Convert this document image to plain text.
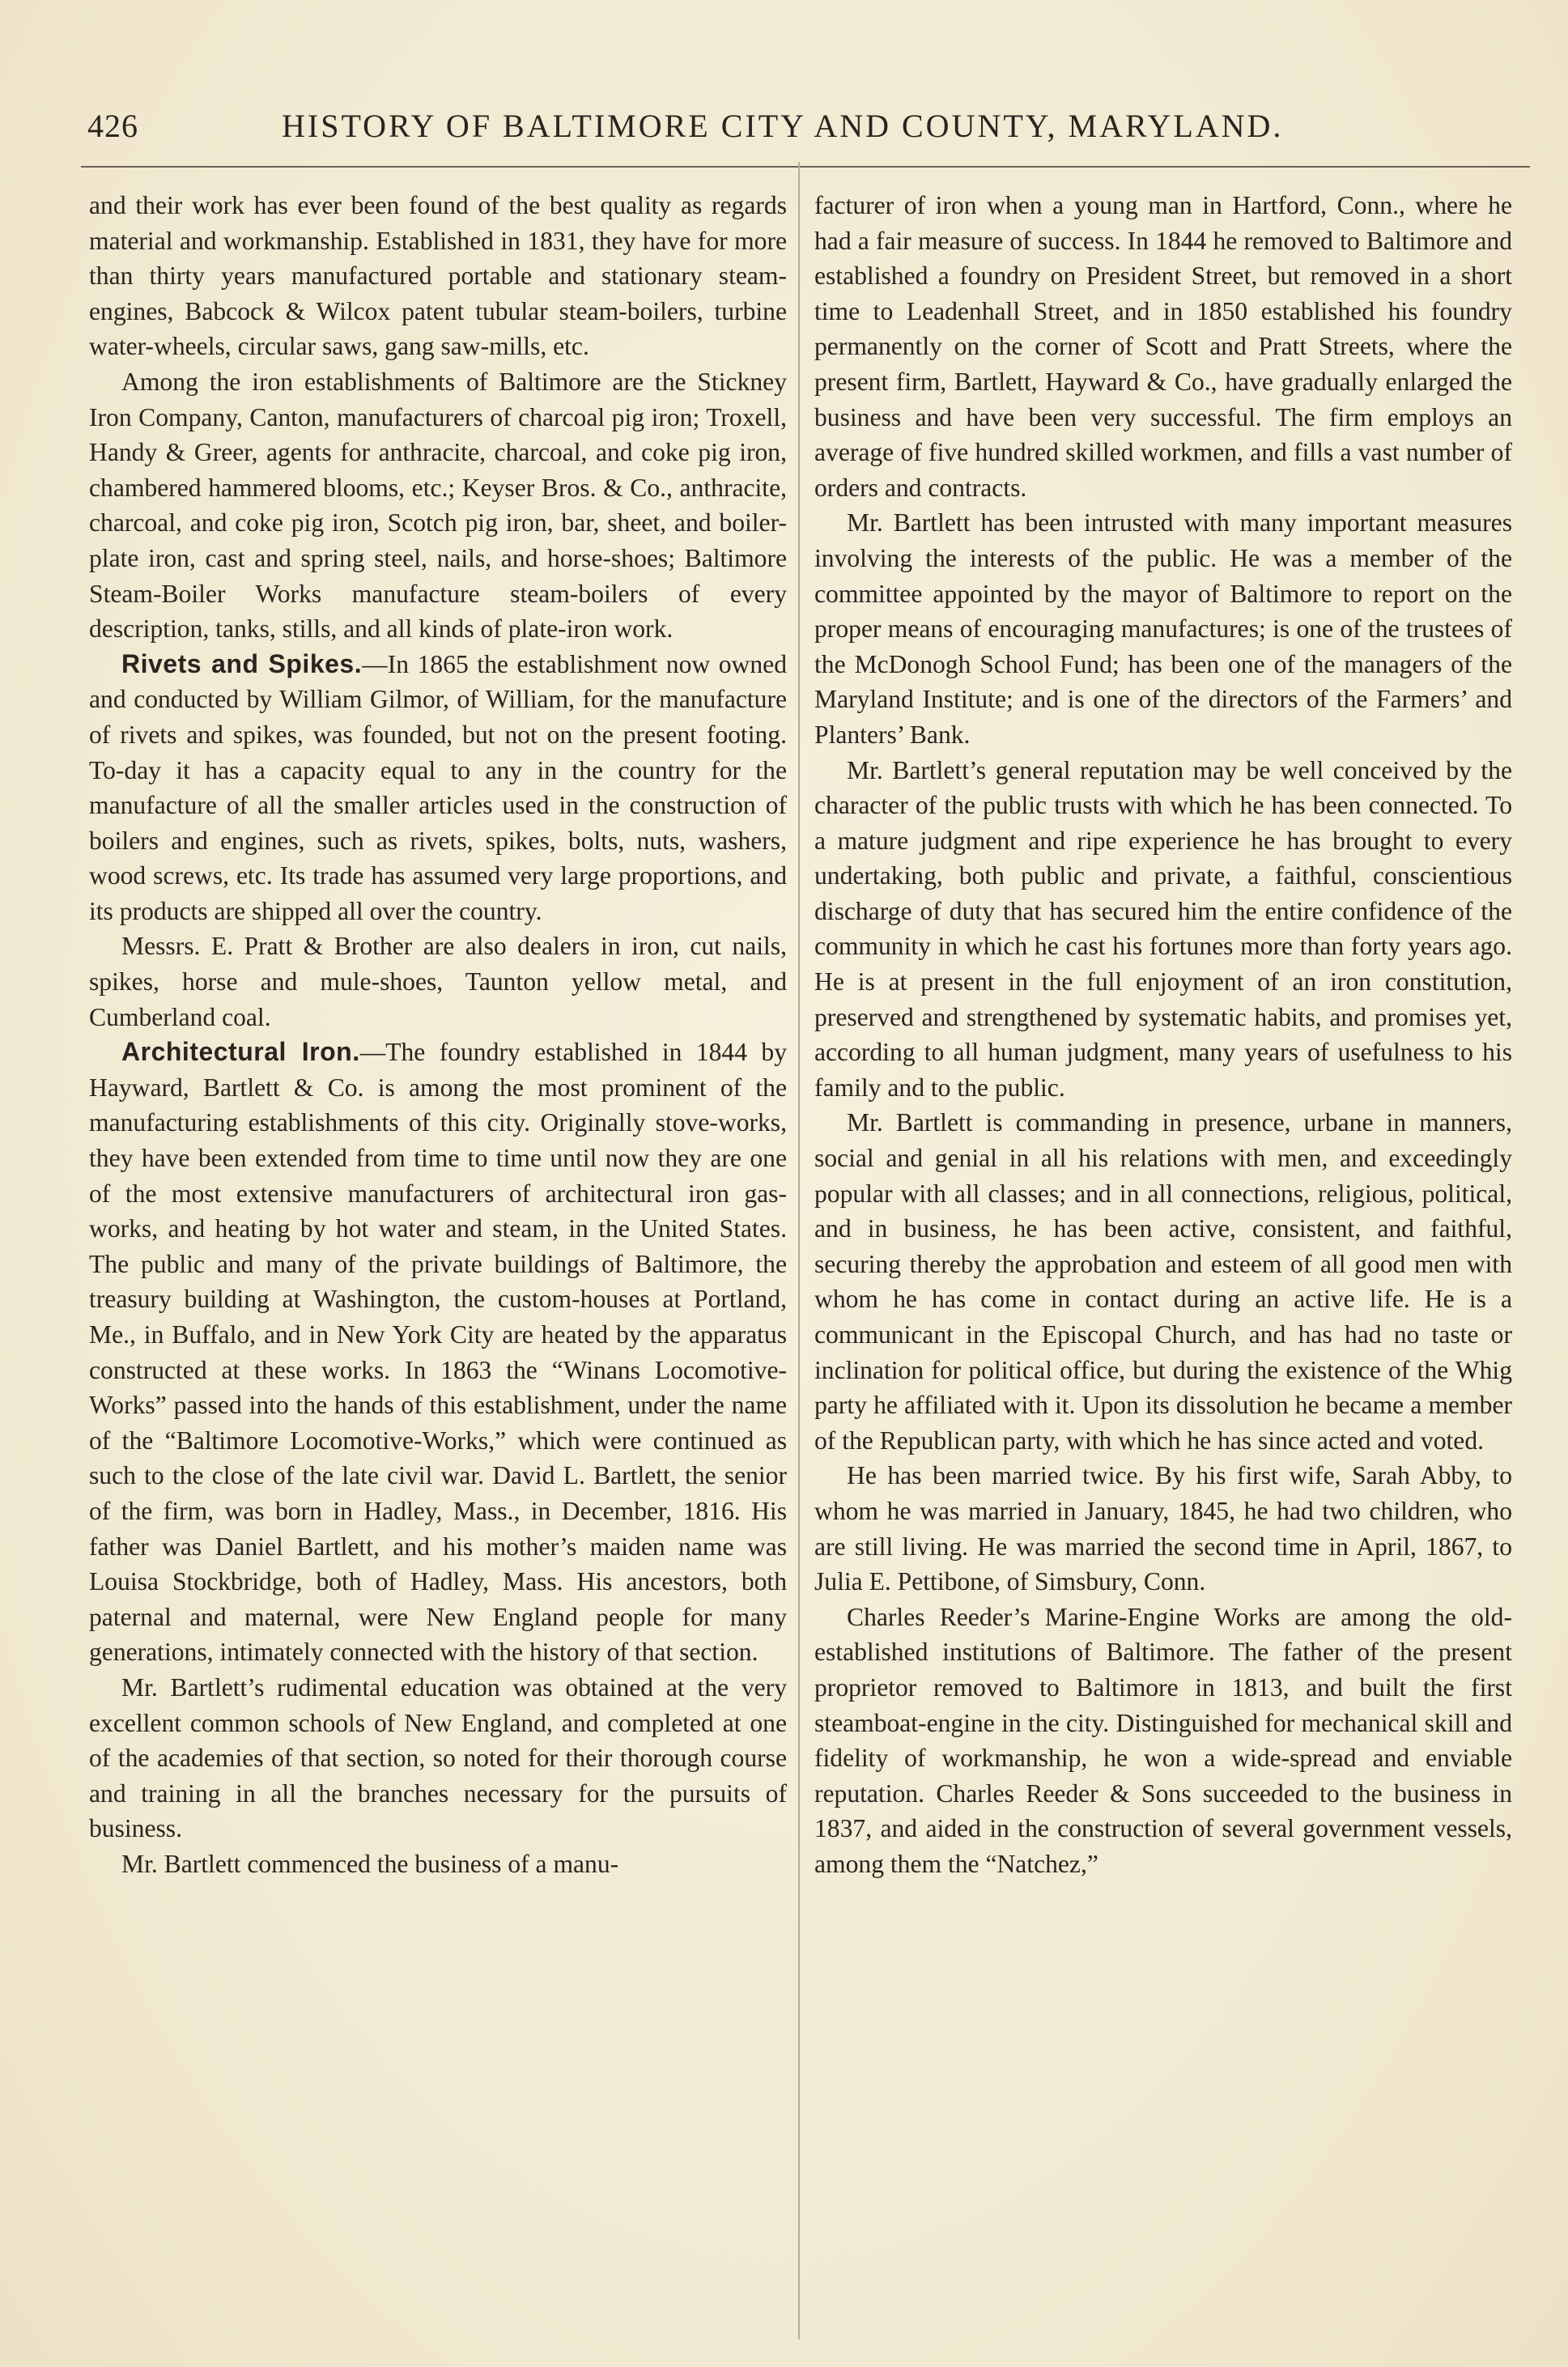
426	HISTORY OF BALTIMORE CITY AND COUNTY, MARYLAND.

and their work has ever been found of the best quality as regards material and workmanship. Established in 1831, they have for more than thirty years manufactured portable and stationary steam-engines, Babcock & Wilcox patent tubular steam-boilers, turbine water-wheels, circular saws, gang saw-mills, etc.

Among the iron establishments of Baltimore are the Stickney Iron Company, Canton, manufacturers of charcoal pig iron; Troxell, Handy & Greer, agents for anthracite, charcoal, and coke pig iron, chambered hammered blooms, etc.; Keyser Bros. & Co., anthracite, charcoal, and coke pig iron, Scotch pig iron, bar, sheet, and boiler-plate iron, cast and spring steel, nails, and horse-shoes; Baltimore Steam-Boiler Works manufacture steam-boilers of every description, tanks, stills, and all kinds of plate-iron work.

Rivets and Spikes.—In 1865 the establishment now owned and conducted by William Gilmor, of William, for the manufacture of rivets and spikes, was founded, but not on the present footing. To-day it has a capacity equal to any in the country for the manufacture of all the smaller articles used in the construction of boilers and engines, such as rivets, spikes, bolts, nuts, washers, wood screws, etc. Its trade has assumed very large proportions, and its products are shipped all over the country.

Messrs. E. Pratt & Brother are also dealers in iron, cut nails, spikes, horse and mule-shoes, Taunton yellow metal, and Cumberland coal.

Architectural Iron.—The foundry established in 1844 by Hayward, Bartlett & Co. is among the most prominent of the manufacturing establishments of this city. Originally stove-works, they have been extended from time to time until now they are one of the most extensive manufacturers of architectural iron gas-works, and heating by hot water and steam, in the United States. The public and many of the private buildings of Baltimore, the treasury building at Washington, the custom-houses at Portland, Me., in Buffalo, and in New York City are heated by the apparatus constructed at these works. In 1863 the “Winans Locomotive-Works” passed into the hands of this establishment, under the name of the “Baltimore Locomotive-Works,” which were continued as such to the close of the late civil war. David L. Bartlett, the senior of the firm, was born in Hadley, Mass., in December, 1816. His father was Daniel Bartlett, and his mother’s maiden name was Louisa Stockbridge, both of Hadley, Mass. His ancestors, both paternal and maternal, were New England people for many generations, intimately connected with the history of that section.

Mr. Bartlett’s rudimental education was obtained at the very excellent common schools of New England, and completed at one of the academies of that section, so noted for their thorough course and training in all the branches necessary for the pursuits of business.

Mr. Bartlett commenced the business of a manu-

facturer of iron when a young man in Hartford, Conn., where he had a fair measure of success. In 1844 he removed to Baltimore and established a foundry on President Street, but removed in a short time to Leadenhall Street, and in 1850 established his foundry permanently on the corner of Scott and Pratt Streets, where the present firm, Bartlett, Hayward & Co., have gradually enlarged the business and have been very successful. The firm employs an average of five hundred skilled workmen, and fills a vast number of orders and contracts.

Mr. Bartlett has been intrusted with many important measures involving the interests of the public. He was a member of the committee appointed by the mayor of Baltimore to report on the proper means of encouraging manufactures; is one of the trustees of the McDonogh School Fund; has been one of the managers of the Maryland Institute; and is one of the directors of the Farmers’ and Planters’ Bank.

Mr. Bartlett’s general reputation may be well conceived by the character of the public trusts with which he has been connected. To a mature judgment and ripe experience he has brought to every undertaking, both public and private, a faithful, conscientious discharge of duty that has secured him the entire confidence of the community in which he cast his fortunes more than forty years ago. He is at present in the full enjoyment of an iron constitution, preserved and strengthened by systematic habits, and promises yet, according to all human judgment, many years of usefulness to his family and to the public.

Mr. Bartlett is commanding in presence, urbane in manners, social and genial in all his relations with men, and exceedingly popular with all classes; and in all connections, religious, political, and in business, he has been active, consistent, and faithful, securing thereby the approbation and esteem of all good men with whom he has come in contact during an active life. He is a communicant in the Episcopal Church, and has had no taste or inclination for political office, but during the existence of the Whig party he affiliated with it. Upon its dissolution he became a member of the Republican party, with which he has since acted and voted.

He has been married twice. By his first wife, Sarah Abby, to whom he was married in January, 1845, he had two children, who are still living. He was married the second time in April, 1867, to Julia E. Pettibone, of Simsbury, Conn.

Charles Reeder’s Marine-Engine Works are among the old-established institutions of Baltimore. The father of the present proprietor removed to Baltimore in 1813, and built the first steamboat-engine in the city. Distinguished for mechanical skill and fidelity of workmanship, he won a wide-spread and enviable reputation. Charles Reeder & Sons succeeded to the business in 1837, and aided in the construction of several government vessels, among them the “Natchez,”
